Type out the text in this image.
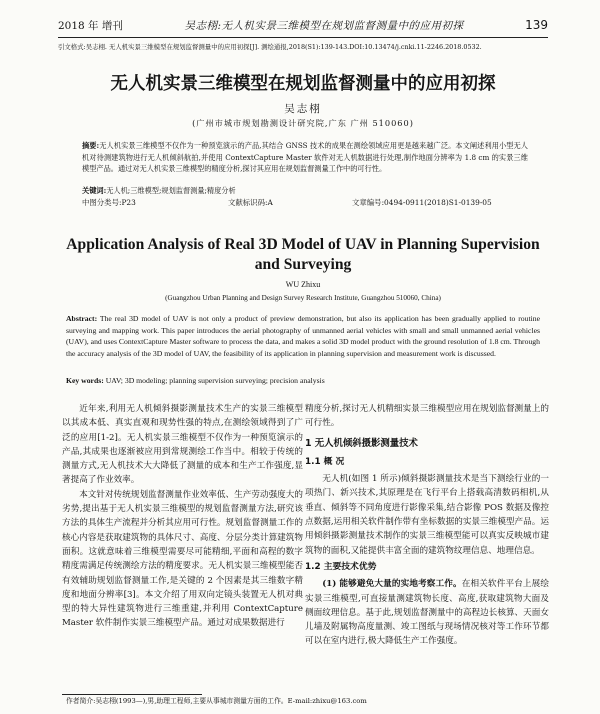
2018 年 增刊	吴志栩:无人机实景三维模型在规划监督测量中的应用初探	139
引文格式:吴志栩. 无人机实景三维模型在规划监督测量中的应用初探[J]. 测绘通报,2018(S1):139-143.DOI:10.13474/j.cnki.11-2246.2018.0532.
无人机实景三维模型在规划监督测量中的应用初探
吴志栩
(广州市城市规划勘测设计研究院,广东 广州 510060)
摘要:无人机实景三维模型不仅作为一种预览演示的产品,其结合 GNSS 技术的成果在测绘领域应用更是越来越广泛。本文阐述利用小型无人机对待测建筑物进行无人机倾斜航拍,并使用 ContextCapture Master 软件对无人机数据进行处理,制作地面分辨率为 1.8 cm 的实景三维模型产品。通过对无人机实景三维模型的精度分析,探讨其应用在规划监督测量工作中的可行性。
关键词:无人机;三维模型;规划监督测量;精度分析
中图分类号:P23	文献标识码:A	文章编号:0494-0911(2018)S1-0139-05
Application Analysis of Real 3D Model of UAV in Planning Supervision and Surveying
WU Zhixu
(Guangzhou Urban Planning and Design Survey Research Institute, Guangzhou 510060, China)
Abstract: The real 3D model of UAV is not only a product of preview demonstration, but also its application has been gradually applied to routine surveying and mapping work. This paper introduces the aerial photography of unmanned aerial vehicles with small and small unmanned aerial vehicles (UAV), and uses ContextCapture Master software to process the data, and makes a solid 3D model product with the ground resolution of 1.8 cm. Through the accuracy analysis of the 3D model of UAV, the feasibility of its application in planning supervision and measurement work is discussed.
Key words: UAV; 3D modeling; planning supervision surveying; precision analysis

近年来,利用无人机倾斜摄影测量技术生产的实景三维模型以其成本低、真实直观和现势性强的特点,在测绘领域得到了广泛的应用[1-2]。无人机实景三维模型不仅作为一种预览演示的产品,其成果也逐渐被应用到常规测绘工作当中。相较于传统的测量方式,无人机技术大大降低了测量的成本和生产工作强度,显著提高了作业效率。

本文针对传统规划监督测量作业效率低、生产劳动强度大的劣势,提出基于无人机实景三维模型的规划监督测量方法,研究该方法的具体生产流程并分析其应用可行性。规划监督测量工作的核心内容是获取建筑物的具体尺寸、高度、分层分类计算建筑物面积。这就意味着三维模型需要尽可能精细,平面和高程的数字精度需满足传统测绘方法的精度要求。无人机实景三维模型能否有效辅助规划监督测量工作,是关键的 2 个因素是其三维数字精度和地面分辨率[3]。本文介绍了用双向定镜头装置无人机对典型的特大异性建筑物进行三维重建,并利用 ContextCapture Master 软件制作实景三维模型产品。通过对成果数据进行

精度分析,探讨无人机精细实景三维模型应用在规划监督测量上的可行性。

1 无人机倾斜摄影测量技术
1.1 概 况

无人机(如图 1 所示)倾斜摄影测量技术是当下测绘行业的一项热门、新兴技术,其原理是在飞行平台上搭载高清数码相机,从垂直、倾斜等不同角度进行影像采集,结合影像 POS 数据及像控点数据,运用相关软件制作带有坐标数据的实景三维模型产品。运用倾斜摄影测量技术制作的实景三维模型能可以真实反映城市建筑物的面积,又能提供丰富全面的建筑物纹理信息、地理信息。

1.2 主要技术优势

(1) 能够避免大量的实地考察工作。在相关软件平台上展绘实景三维模型,可直接量测建筑物长度、高度,获取建筑物大面及侧面纹理信息。基于此,规划监督测量中的高程边长核算、天面女儿墙及附属物高度量测、竣工图纸与现场情况核对等工作环节都可以在室内进行,极大降低生产工作强度。

作者简介:吴志栩(1993—),男,助理工程师,主要从事城市测量方面的工作。E-mail:zhixu@163.com
